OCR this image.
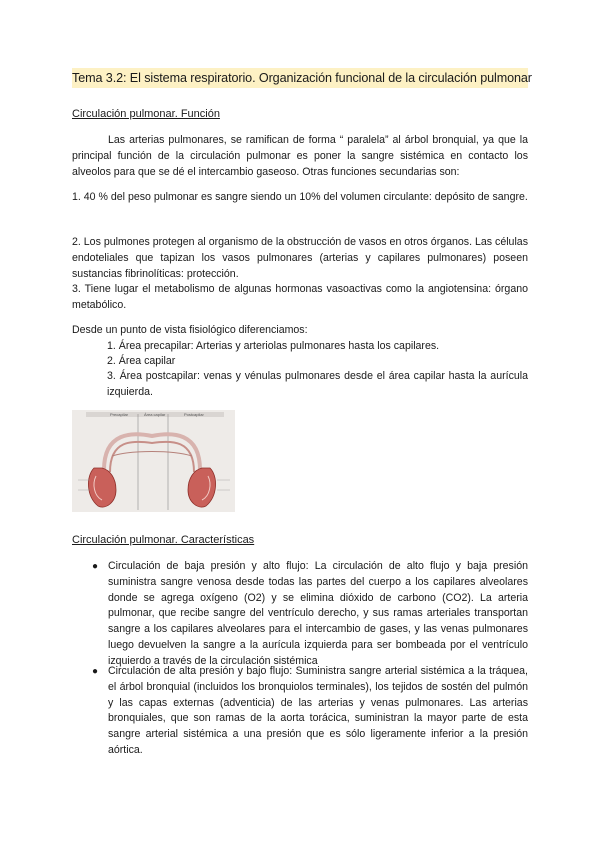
Tema 3.2: El sistema respiratorio. Organización funcional de la circulación pulmonar
Circulación pulmonar. Función

Las arterias pulmonares, se ramifican de forma “ paralela” al árbol bronquial, ya que la principal función de la circulación pulmonar es poner la sangre sistémica en contacto los alveolos para que se dé el intercambio gaseoso. Otras funciones secundarias son:

1. 40 % del peso pulmonar es sangre siendo un 10% del volumen circulante: depósito de sangre.

2. Los pulmones protegen al organismo de la obstrucción de vasos en otros órganos. Las células endoteliales que tapizan los vasos pulmonares (arterias y capilares pulmonares) poseen sustancias fibrinolíticas: protección.

3. Tiene lugar el metabolismo de algunas hormonas vasoactivas como la angiotensina: órgano metabólico.

Desde un punto de vista fisiológico diferenciamos:

1. Área precapilar: Arterias y arteriolas pulmonares hasta los capilares.

2. Área capilar

3. Área postcapilar: venas y vénulas pulmonares desde el área capilar hasta la aurícula izquierda.

Precapilar	Área capilar	Postcapilar
Circulación pulmonar. Características
● Circulación de baja presión y alto flujo: La circulación de alto flujo y baja presión suministra sangre venosa desde todas las partes del cuerpo a los capilares alveolares donde se agrega oxígeno (O2) y se elimina dióxido de carbono (CO2). La arteria pulmonar, que recibe sangre del ventrículo derecho, y sus ramas arteriales transportan sangre a los capilares alveolares para el intercambio de gases, y las venas pulmonares luego devuelven la sangre a la aurícula izquierda para ser bombeada por el ventrículo izquierdo a través de la circulación sistémica

● Circulación de alta presión y bajo flujo: Suministra sangre arterial sistémica a la tráquea, el árbol bronquial (incluidos los bronquiolos terminales), los tejidos de sostén del pulmón y las capas externas (adventicia) de las arterias y venas pulmonares. Las arterias bronquiales, que son ramas de la aorta torácica, suministran la mayor parte de esta sangre arterial sistémica a una presión que es sólo ligeramente inferior a la presión aórtica.
